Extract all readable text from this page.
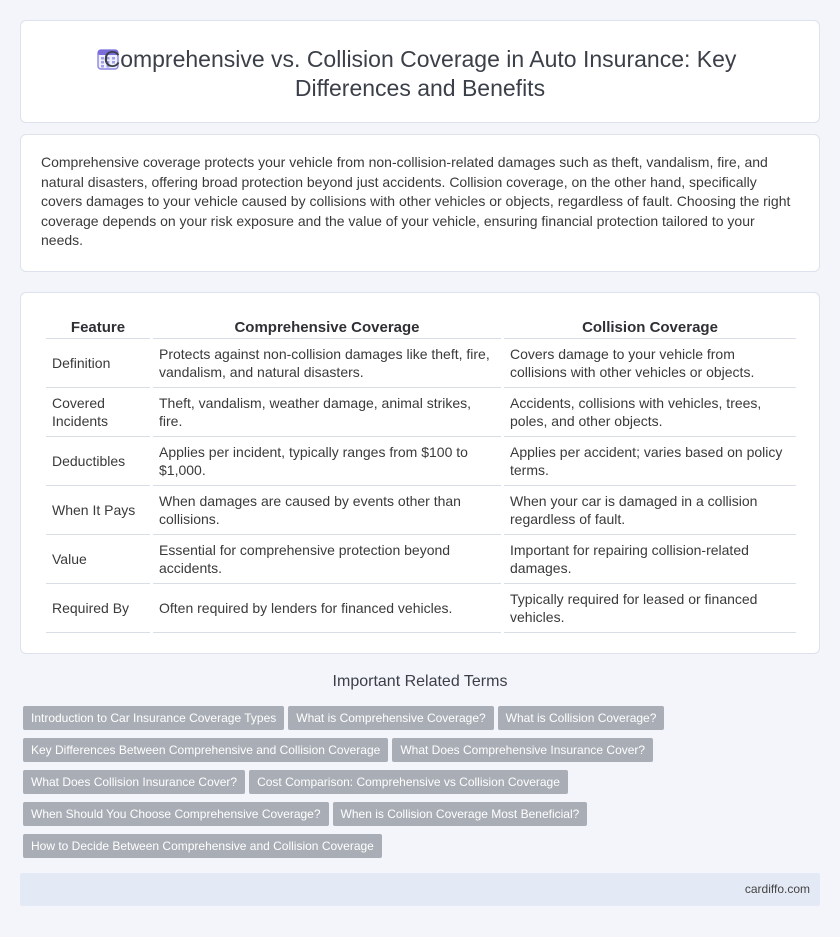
Comprehensive vs. Collision Coverage in Auto Insurance: Key Differences and Benefits

Comprehensive coverage protects your vehicle from non-collision-related damages such as theft, vandalism, fire, and natural disasters, offering broad protection beyond just accidents. Collision coverage, on the other hand, specifically covers damages to your vehicle caused by collisions with other vehicles or objects, regardless of fault. Choosing the right coverage depends on your risk exposure and the value of your vehicle, ensuring financial protection tailored to your needs.

Feature	Comprehensive Coverage	Collision Coverage
Definition	Protects against non-collision damages like theft, fire, vandalism, and natural disasters.	Covers damage to your vehicle from collisions with other vehicles or objects.
Covered Incidents	Theft, vandalism, weather damage, animal strikes, fire.	Accidents, collisions with vehicles, trees, poles, and other objects.
Deductibles	Applies per incident, typically ranges from $100 to $1,000.	Applies per accident; varies based on policy terms.
When It Pays	When damages are caused by events other than collisions.	When your car is damaged in a collision regardless of fault.
Value	Essential for comprehensive protection beyond accidents.	Important for repairing collision-related damages.
Required By	Often required by lenders for financed vehicles.	Typically required for leased or financed vehicles.
Important Related Terms
Introduction to Car Insurance Coverage Types What is Comprehensive Coverage? What is Collision Coverage?
Key Differences Between Comprehensive and Collision Coverage What Does Comprehensive Insurance Cover?
What Does Collision Insurance Cover? Cost Comparison: Comprehensive vs Collision Coverage
When Should You Choose Comprehensive Coverage? When is Collision Coverage Most Beneficial?
How to Decide Between Comprehensive and Collision Coverage
cardiffo.com
